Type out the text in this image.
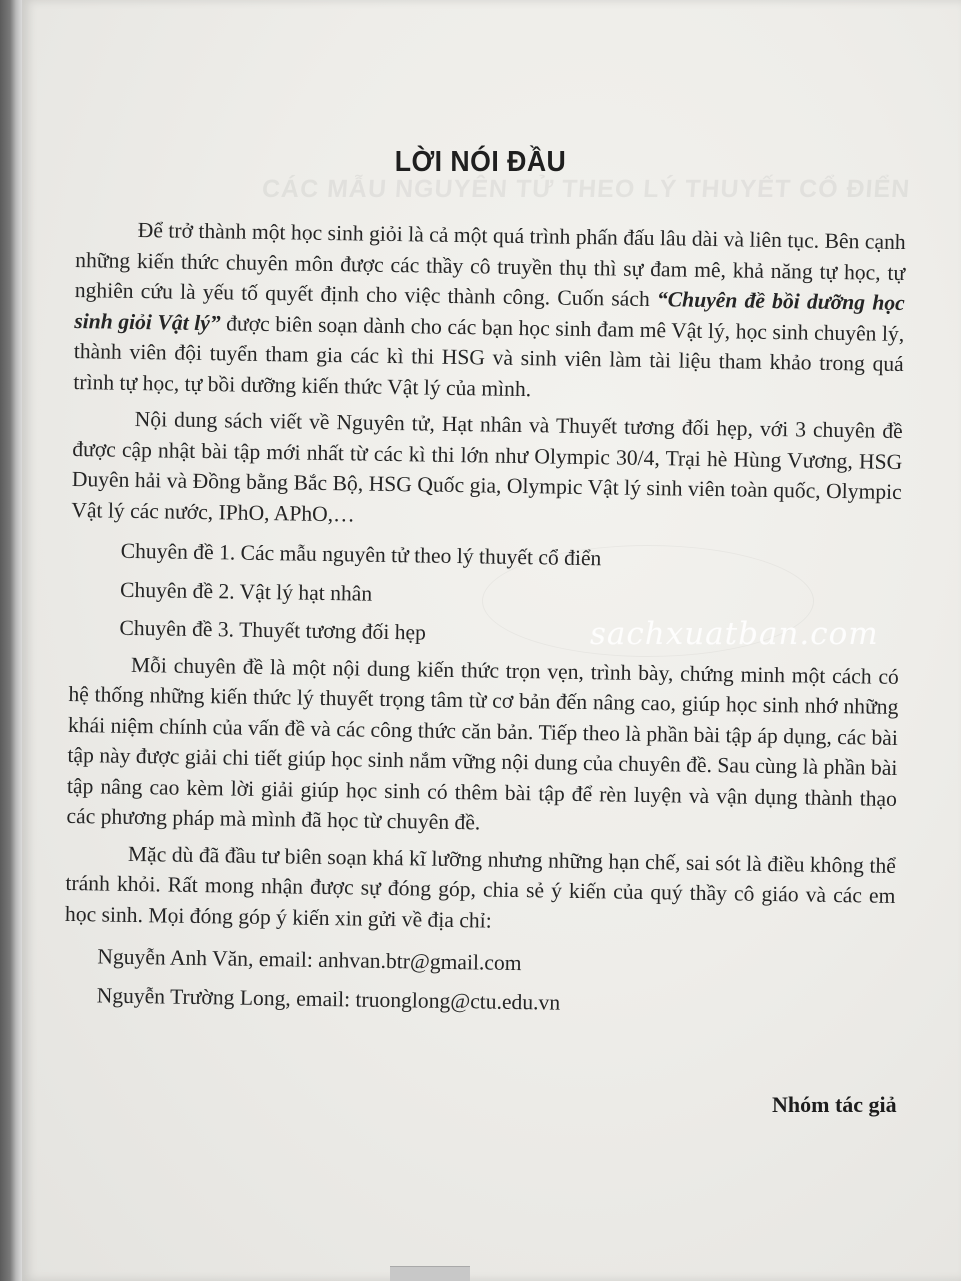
CÁC MẪU NGUYÊN TỬ THEO LÝ THUYẾT CỔ ĐIỂN
LỜI NÓI ĐẦU

Để trở thành một học sinh giỏi là cả một quá trình phấn đấu lâu dài và liên tục. Bên cạnh những kiến thức chuyên môn được các thầy cô truyền thụ thì sự đam mê, khả năng tự học, tự nghiên cứu là yếu tố quyết định cho việc thành công. Cuốn sách “Chuyên đề bồi dưỡng học sinh giỏi Vật lý” được biên soạn dành cho các bạn học sinh đam mê Vật lý, học sinh chuyên lý, thành viên đội tuyển tham gia các kì thi HSG và sinh viên làm tài liệu tham khảo trong quá trình tự học, tự bồi dưỡng kiến thức Vật lý của mình.

Nội dung sách viết về Nguyên tử, Hạt nhân và Thuyết tương đối hẹp, với 3 chuyên đề được cập nhật bài tập mới nhất từ các kì thi lớn như Olympic 30/4, Trại hè Hùng Vương, HSG Duyên hải và Đồng bằng Bắc Bộ, HSG Quốc gia, Olympic Vật lý sinh viên toàn quốc, Olympic Vật lý các nước, IPhO, APhO,…

Chuyên đề 1. Các mẫu nguyên tử theo lý thuyết cổ điển

Chuyên đề 2. Vật lý hạt nhân

Chuyên đề 3. Thuyết tương đối hẹp

Mỗi chuyên đề là một nội dung kiến thức trọn vẹn, trình bày, chứng minh một cách có hệ thống những kiến thức lý thuyết trọng tâm từ cơ bản đến nâng cao, giúp học sinh nhớ những khái niệm chính của vấn đề và các công thức căn bản. Tiếp theo là phần bài tập áp dụng, các bài tập này được giải chi tiết giúp học sinh nắm vững nội dung của chuyên đề. Sau cùng là phần bài tập nâng cao kèm lời giải giúp học sinh có thêm bài tập để rèn luyện và vận dụng thành thạo các phương pháp mà mình đã học từ chuyên đề.

Mặc dù đã đầu tư biên soạn khá kĩ lưỡng nhưng những hạn chế, sai sót là điều không thể tránh khỏi. Rất mong nhận được sự đóng góp, chia sẻ ý kiến của quý thầy cô giáo và các em học sinh. Mọi đóng góp ý kiến xin gửi về địa chỉ:

Nguyễn Anh Văn, email: anhvan.btr@gmail.com

Nguyễn Trường Long, email: truonglong@ctu.edu.vn

Nhóm tác giả
sachxuatban.com
